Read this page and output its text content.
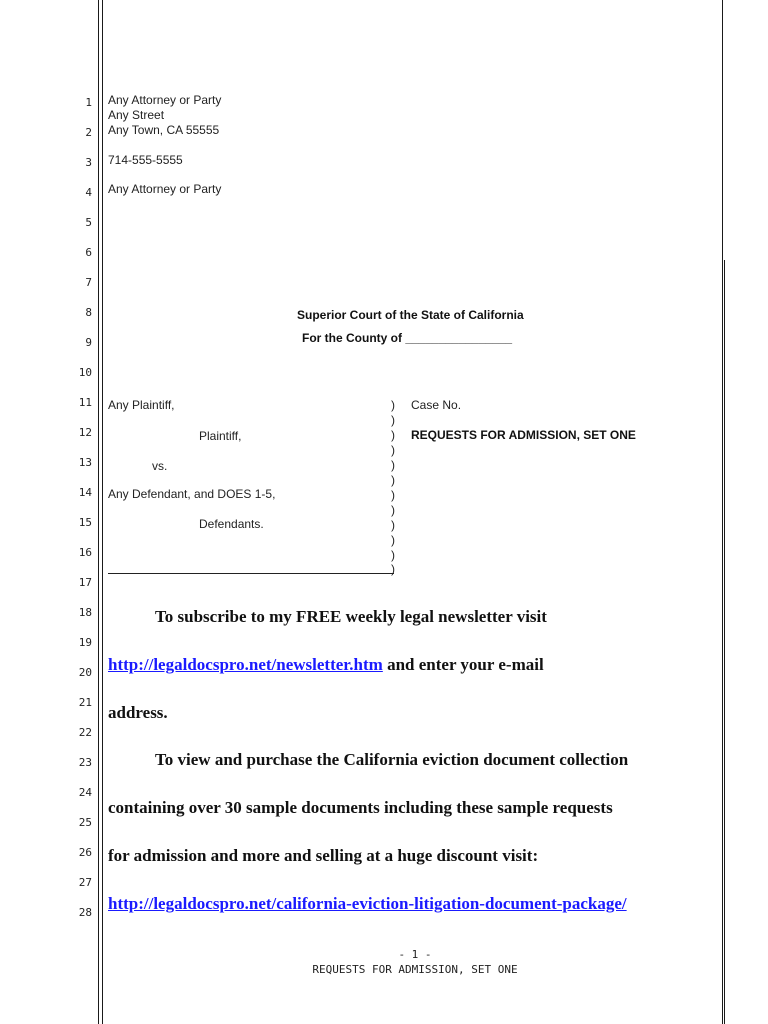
1
2
3
4
5
6
7
8
9
10
11
12
13
14
15
16
17
18
19
20
21
22
23
24
25
26
27
28
Any Attorney or Party
Any Street
Any Town, CA 55555
714-555-5555
Any Attorney or Party
Superior Court of the State of California
For the County of ________________
Any Plaintiff,
Plaintiff,
vs.
Any Defendant, and DOES 1-5,
Defendants.
)
)
)
)
)
)
)
)
)
)
)
)
Case No.
REQUESTS FOR ADMISSION, SET ONE
To subscribe to my FREE weekly legal newsletter visit
http://legaldocspro.net/newsletter.htm and enter your e-mail
address.
To view and purchase the California eviction document collection
containing over 30 sample documents including these sample requests
for admission and more and selling at a huge discount visit:
http://legaldocspro.net/california-eviction-litigation-document-package/
- 1 -
REQUESTS FOR ADMISSION, SET ONE
